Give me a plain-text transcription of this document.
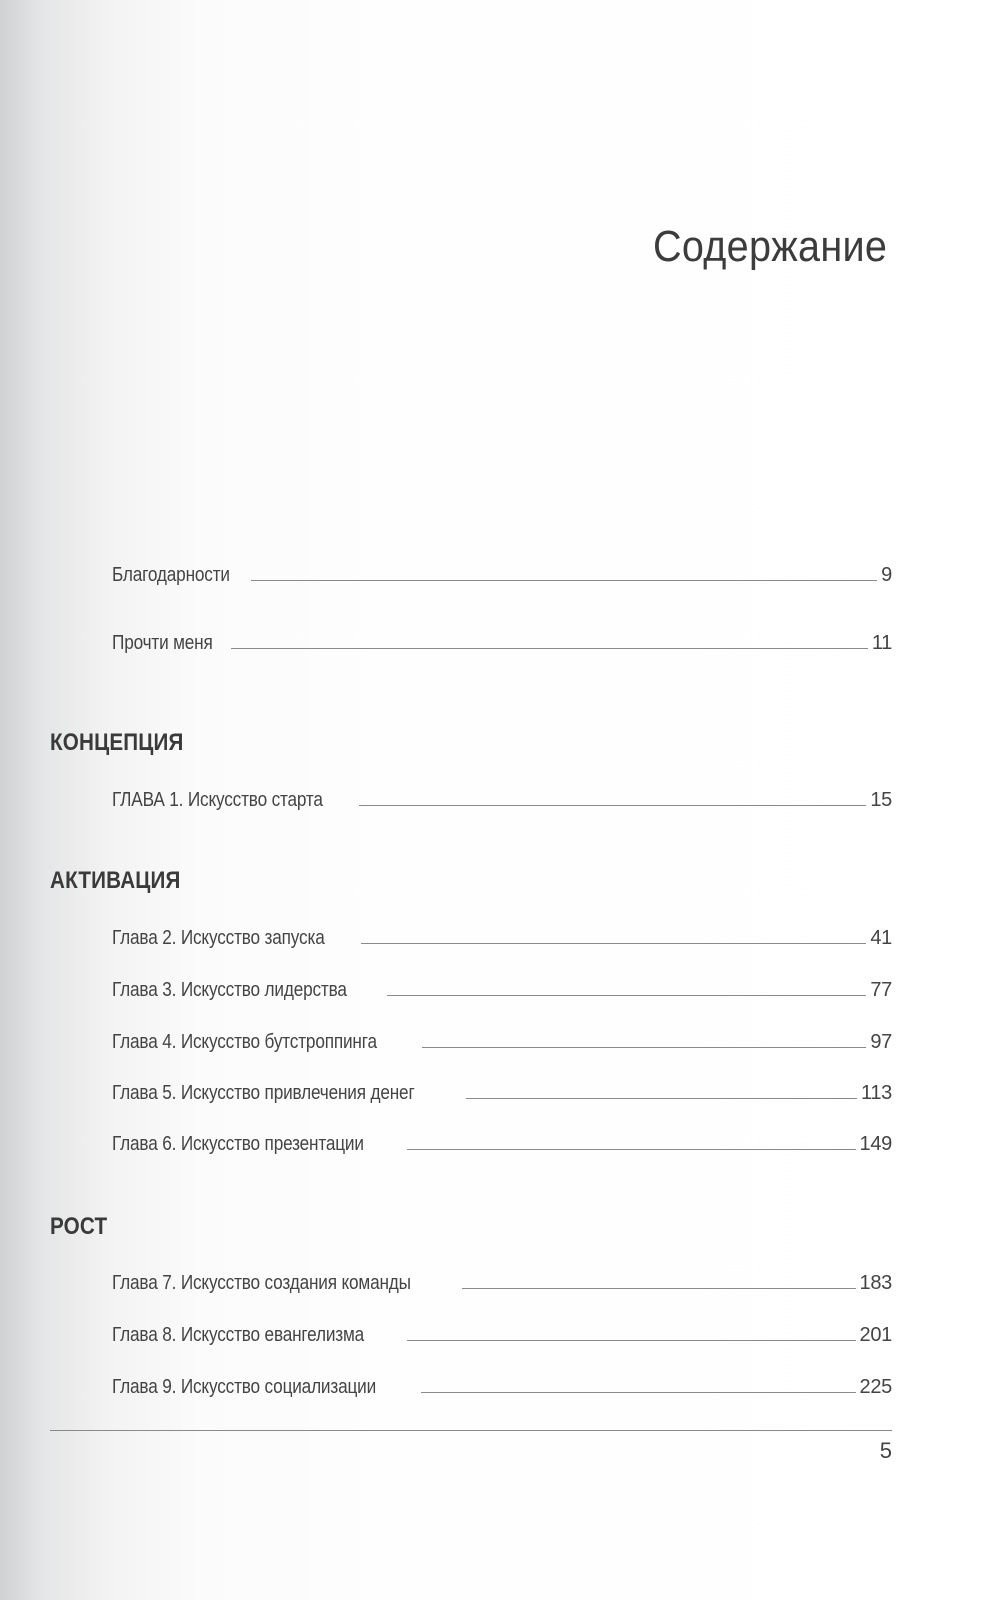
Содержание
Благодарности	9
Прочти меня	11
КОНЦЕПЦИЯ
ГЛАВА 1. Искусство старта	15
АКТИВАЦИЯ
Глава 2. Искусство запуска	41
Глава 3. Искусство лидерства	77
Глава 4. Искусство бутстроппинга	97
Глава 5. Искусство привлечения денег	113
Глава 6. Искусство презентации	149
РОСТ
Глава 7. Искусство создания команды	183
Глава 8. Искусство евангелизма	201
Глава 9. Искусство социализации	225
5
